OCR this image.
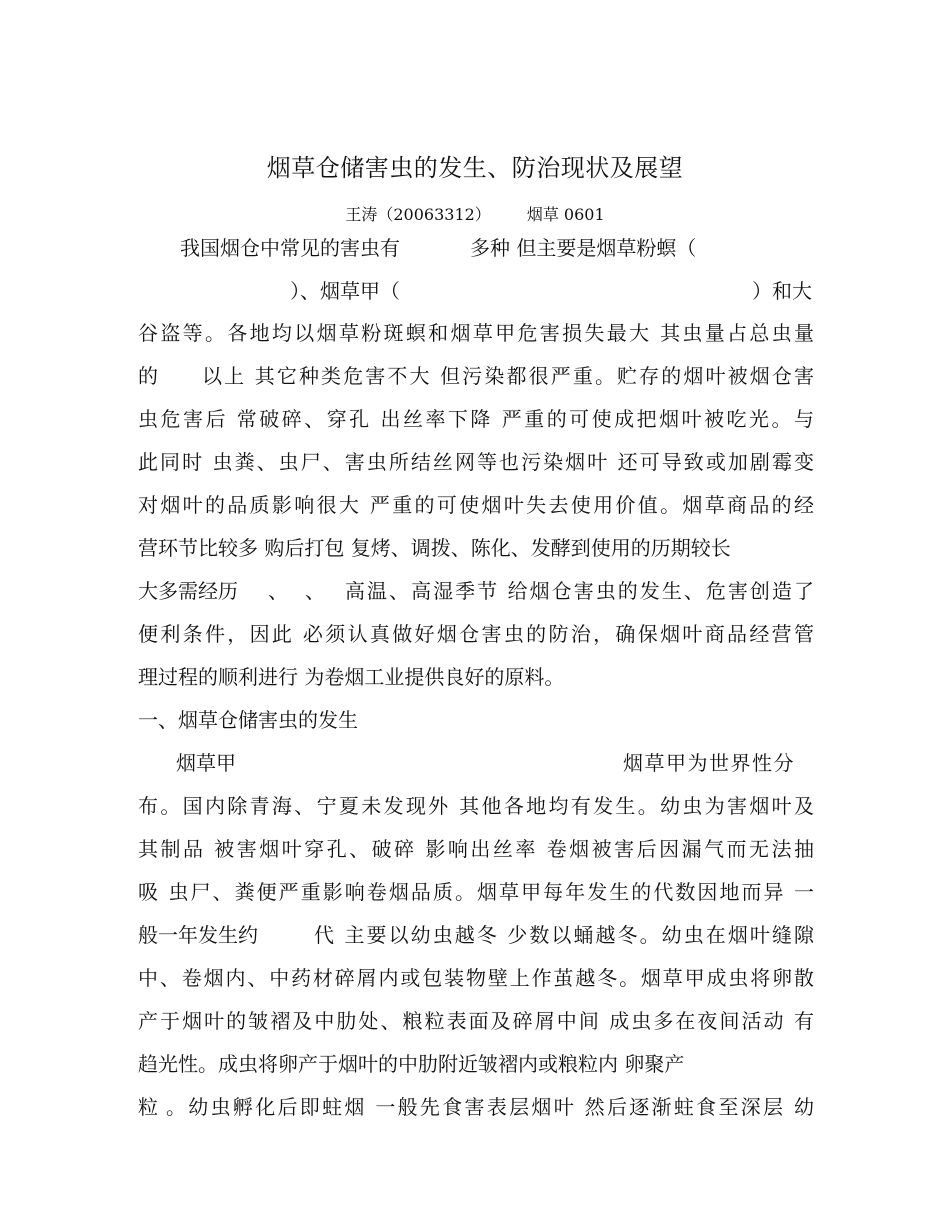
烟草仓储害虫的发生、防治现状及展望
王涛（20063312） 烟草 0601
我国烟仓中常见的害虫有	多种 但主要是烟草粉螟（
）、烟草甲（	）和大
谷盗等。各地均以烟草粉斑螟和烟草甲危害损失最大 其虫量占总虫量
的 以上 其它种类危害不大 但污染都很严重。贮存的烟叶被烟仓害
虫危害后 常破碎、穿孔 出丝率下降 严重的可使成把烟叶被吃光。与
此同时 虫粪、虫尸、害虫所结丝网等也污染烟叶 还可导致或加剧霉变
对烟叶的品质影响很大 严重的可使烟叶失去使用价值。烟草商品的经
营环节比较多 购后打包 复烤、调拨、陈化、发酵到使用的历期较长
大多需经历 、 、 高温、高湿季节 给烟仓害虫的发生、危害创造了
便利条件，因此 必须认真做好烟仓害虫的防治，确保烟叶商品经营管
理过程的顺利进行 为卷烟工业提供良好的原料。
一、烟草仓储害虫的发生
烟草甲	烟草甲为世界性分
布。国内除青海、宁夏未发现外 其他各地均有发生。幼虫为害烟叶及
其制品 被害烟叶穿孔、破碎 影响出丝率 卷烟被害后因漏气而无法抽
吸 虫尸、粪便严重影响卷烟品质。烟草甲每年发生的代数因地而异 一
般一年发生约	代 主要以幼虫越冬 少数以蛹越冬。幼虫在烟叶缝隙
中、卷烟内、中药材碎屑内或包装物壁上作茧越冬。烟草甲成虫将卵散
产于烟叶的皱褶及中肋处、粮粒表面及碎屑中间 成虫多在夜间活动 有
趋光性。成虫将卵产于烟叶的中肋附近皱褶内或粮粒内 卵聚产
粒 。幼虫孵化后即蛀烟 一般先食害表层烟叶 然后逐渐蛀食至深层 幼
